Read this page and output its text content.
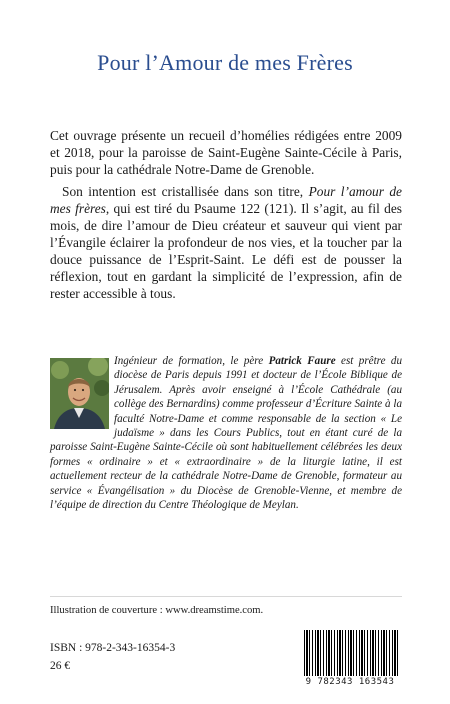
Pour l’Amour de mes Frères
Cet ouvrage présente un recueil d’homélies rédigées entre 2009 et 2018, pour la paroisse de Saint-Eugène Sainte-Cécile à Paris, puis pour la cathédrale Notre-Dame de Grenoble.
Son intention est cristallisée dans son titre, Pour l’amour de mes frères, qui est tiré du Psaume 122 (121). Il s’agit, au fil des mois, de dire l’amour de Dieu créateur et sauveur qui vient par l’Évangile éclairer la profondeur de nos vies, et la toucher par la douce puissance de l’Esprit-Saint. Le défi est de pousser la réflexion, tout en gardant la simplicité de l’expression, afin de rester accessible à tous.
Ingénieur de formation, le père Patrick Faure est prêtre du diocèse de Paris depuis 1991 et docteur de l’École Biblique de Jérusalem. Après avoir enseigné à l’École Cathédrale (au collège des Bernardins) comme professeur d’Écriture Sainte à la faculté Notre-Dame et comme responsable de la section « Le judaïsme » dans les Cours Publics, tout en étant curé de la paroisse Saint-Eugène Sainte-Cécile où sont habituellement célébrées les deux formes « ordinaire » et « extraordinaire » de la liturgie latine, il est actuellement recteur de la cathédrale Notre-Dame de Grenoble, formateur au service « Évangélisation » du Diocèse de Grenoble-Vienne, et membre de l’équipe de direction du Centre Théologique de Meylan.
Illustration de couverture : www.dreamstime.com.
ISBN : 978-2-343-16354-3
26 €
9 782343 163543
